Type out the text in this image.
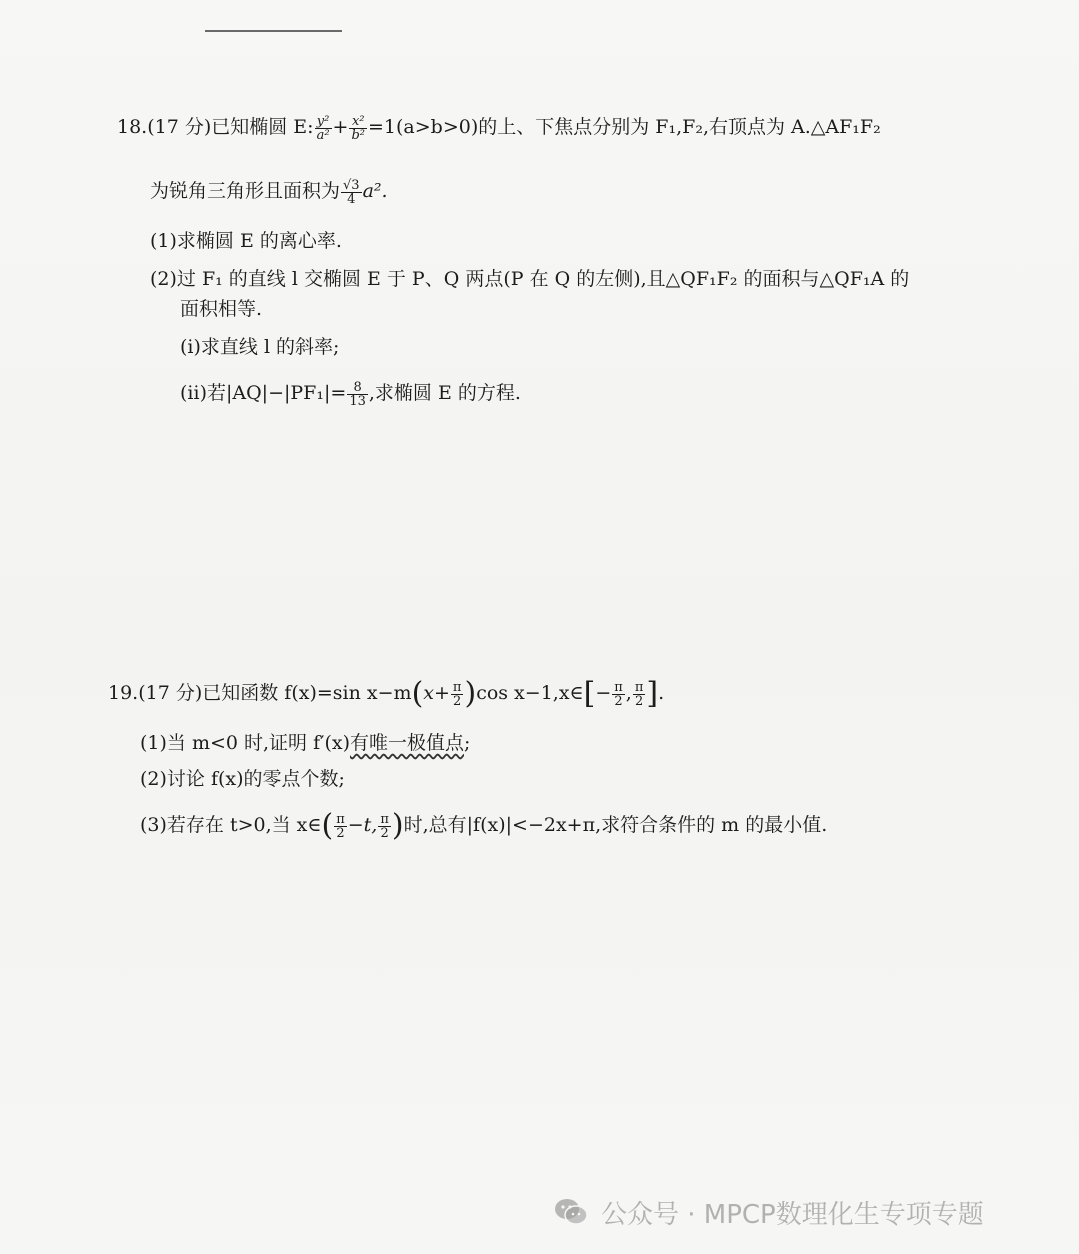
18.(17 分)已知椭圆 E: $\frac{\text{y²}}{\text{a²}} + \frac{\text{x²}}{\text{b²}} =1(a>b>0)$的上、下焦点分别为 F₁,F₂,右顶点为 A.△AF₁F₂
为锐角三角形且面积为 $\frac{√3}{4} a^2$.
(1)求椭圆 E 的离心率.
(2)过 F₁ 的直线 l 交椭圆 E 于 P、Q 两点(P 在 Q 的左侧),且△QF₁F₂ 的面积与△QF₁A 的
面积相等.
(ⅰ)求直线 l 的斜率;
(ⅱ)若$|AQ|-|PF_1|= \frac{8}{13}$ ,求椭圆 E 的方程.
19.(17 分)已知函数 f(x)=sin $x-m(x+ \frac{\pi}{2} )\cos$ x−1,x∈[− $\frac{\pi}{2}$ , $\frac{\pi}{2}$ ].
(1)当 m<0 时,证明 f′(x)有唯一极值点;
(2)讨论 f(x)的零点个数;
(3)若存在 t>0,当 x∈( $\frac{\pi}{2} -t$, $\frac{\pi}{2}$ )时,总有|f(x)|<−2x+π,求符合条件的 m 的最小值.
公众号 · MPCP数理化生专项专题
